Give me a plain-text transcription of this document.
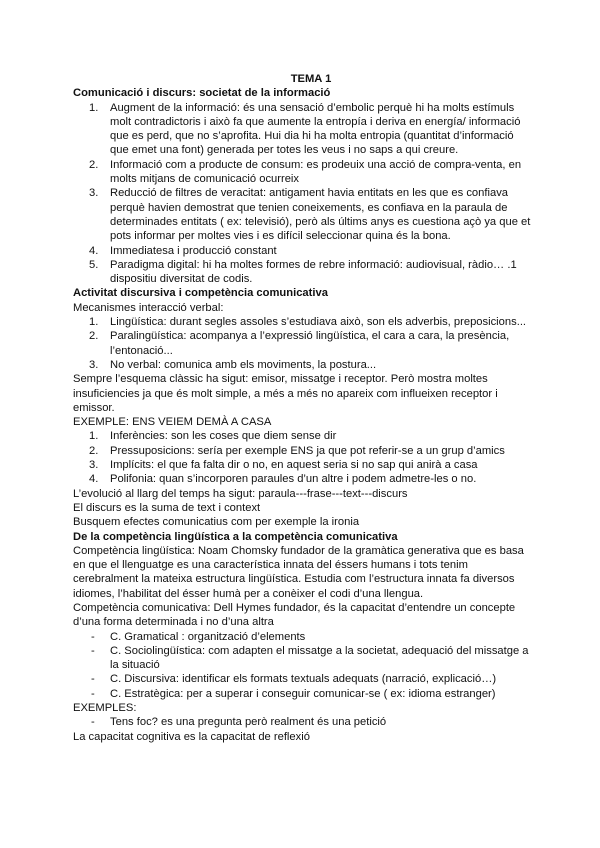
TEMA 1

Comunicació i discurs: societat de la informació

1. Augment de la informació: és una sensació d’embolic perquè hi ha molts estímuls molt contradictoris i això fa que aumente la entropía i deriva en energía/ informació que es perd, que no s’aprofita. Hui dia hi ha molta entropia (quantitat d’informació que emet una font) generada per totes les veus i no saps a qui creure.
2. Informació com a producte de consum: es prodeuix una acció de compra-venta, en molts mitjans de comunicació ocurreix
3. Reducció de filtres de veracitat: antigament havia entitats en les que es confiava perquè havien demostrat que tenien coneixements, es confiava en la paraula de determinades entitats ( ex: televisió), però als últims anys es cuestiona açò ya que et pots informar per moltes vies i es difícil seleccionar quina és la bona.
4. Immediatesa i producció constant
5. Paradigma digital: hi ha moltes formes de rebre informació: audiovisual, ràdio… .1 dispositiu diversitat de codis.

Activitat discursiva i competència comunicativa

Mecanismes interacció verbal:

1. Lingüística: durant segles assoles s’estudiava això, son els adverbis, preposicions...
2. Paralingüística: acompanya a l’expressió lingüística, el cara a cara, la presència, l’entonació...
3. No verbal: comunica amb els moviments, la postura...

Sempre l’esquema clàssic ha sigut: emisor, missatge i receptor. Però mostra moltes insuficiencies ja que és molt simple, a més a més no apareix com influeixen receptor i emissor.

EXEMPLE: ENS VEIEM DEMÀ A CASA

1. Inferències: son les coses que diem sense dir
2. Pressuposicions: sería per exemple ENS ja que pot referir-se a un grup d’amics
3. Implícits: el que fa falta dir o no, en aquest seria si no sap qui anirà a casa
4. Polifonia: quan s’incorporen paraules d’un altre i podem admetre-les o no.

L’evolució al llarg del temps ha sigut: paraula---frase---text---discurs

El discurs es la suma de text i context

Busquem efectes comunicatius com per exemple la ironia

De la competència lingüística a la competència comunicativa

Competència lingüística: Noam Chomsky fundador de la gramàtica generativa que es basa en que el llenguatge es una característica innata del éssers humans i tots tenim cerebralment la mateixa estructura lingüística. Estudia com l’estructura innata fa diversos idiomes, l’habilitat del ésser humà per a conèixer el codi d’una llengua.

Competència comunicativa: Dell Hymes fundador, és la capacitat d’entendre un concepte d’una forma determinada i no d’una altra

- C. Gramatical : organització d’elements
- C. Sociolingüística: com adapten el missatge a la societat, adequació del missatge a la situació
- C. Discursiva: identificar els formats textuals adequats (narració, explicació…)
- C. Estratègica: per a superar i conseguir comunicar-se ( ex: idioma estranger)

EXEMPLES:

- Tens foc? es una pregunta però realment és una petició

La capacitat cognitiva es la capacitat de reflexió
